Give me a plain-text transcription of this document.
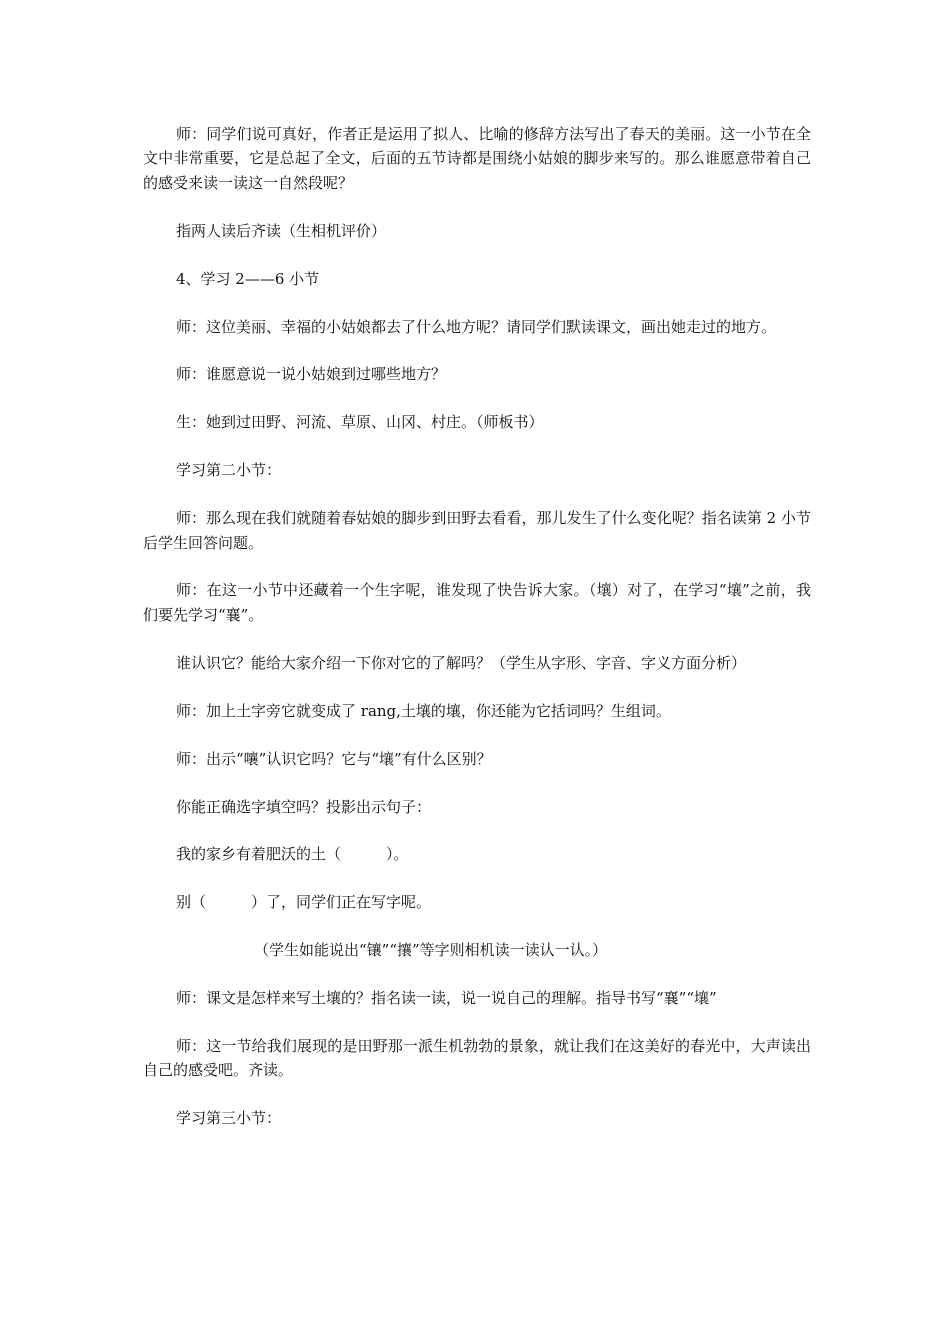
师：同学们说可真好，作者正是运用了拟人、比喻的修辞方法写出了春天的美丽。这一小节在全文中非常重要，它是总起了全文，后面的五节诗都是围绕小姑娘的脚步来写的。那么谁愿意带着自己的感受来读一读这一自然段呢？

指两人读后齐读（生相机评价）

4、学习 2——6 小节

师：这位美丽、幸福的小姑娘都去了什么地方呢？请同学们默读课文，画出她走过的地方。

师：谁愿意说一说小姑娘到过哪些地方？

生：她到过田野、河流、草原、山冈、村庄。（师板书）

学习第二小节：

师：那么现在我们就随着春姑娘的脚步到田野去看看，那儿发生了什么变化呢？指名读第 2 小节后学生回答问题。

师：在这一小节中还藏着一个生字呢，谁发现了快告诉大家。（壤）对了，在学习“壤”之前，我们要先学习“襄”。

谁认识它？能给大家介绍一下你对它的了解吗？（学生从字形、字音、字义方面分析）

师：加上土字旁它就变成了 rang,土壤的壤，你还能为它括词吗？生组词。

师：出示“嚷”认识它吗？它与“壤”有什么区别？

你能正确选字填空吗？投影出示句子：

我的家乡有着肥沃的土（　　　）。

别（　　　）了，同学们正在写字呢。

（学生如能说出“镶”“攘”等字则相机读一读认一认。）

师：课文是怎样来写土壤的？指名读一读，说一说自己的理解。指导书写“襄”“壤”

师：这一节给我们展现的是田野那一派生机勃勃的景象，就让我们在这美好的春光中，大声读出自己的感受吧。齐读。

学习第三小节：
